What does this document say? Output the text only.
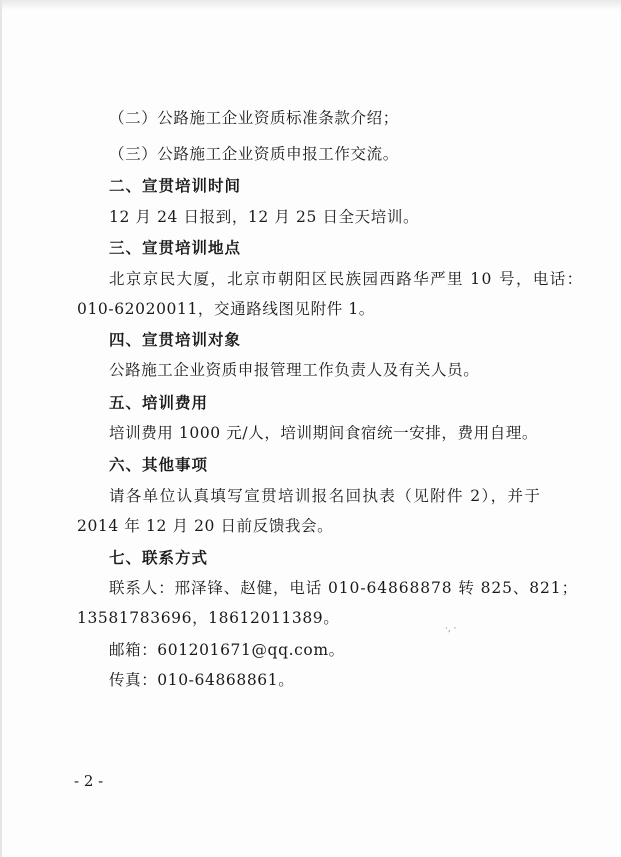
（二）公路施工企业资质标准条款介绍；
（三）公路施工企业资质申报工作交流。
二、宣贯培训时间
12 月 24 日报到，12 月 25 日全天培训。
三、宣贯培训地点
北京京民大厦，北京市朝阳区民族园西路华严里 10 号，电话：
010-62020011，交通路线图见附件 1。
四、宣贯培训对象
公路施工企业资质申报管理工作负责人及有关人员。
五、培训费用
培训费用 1000 元/人，培训期间食宿统一安排，费用自理。
六、其他事项
请各单位认真填写宣贯培训报名回执表（见附件 2），并于
2014 年 12 月 20 日前反馈我会。
七、联系方式
联系人：邢泽锋、赵健，电话 010-64868878 转 825、821；
13581783696，18612011389。
·, ·
邮箱：601201671@qq.com。
传真：010-64868861。
- 2 -
